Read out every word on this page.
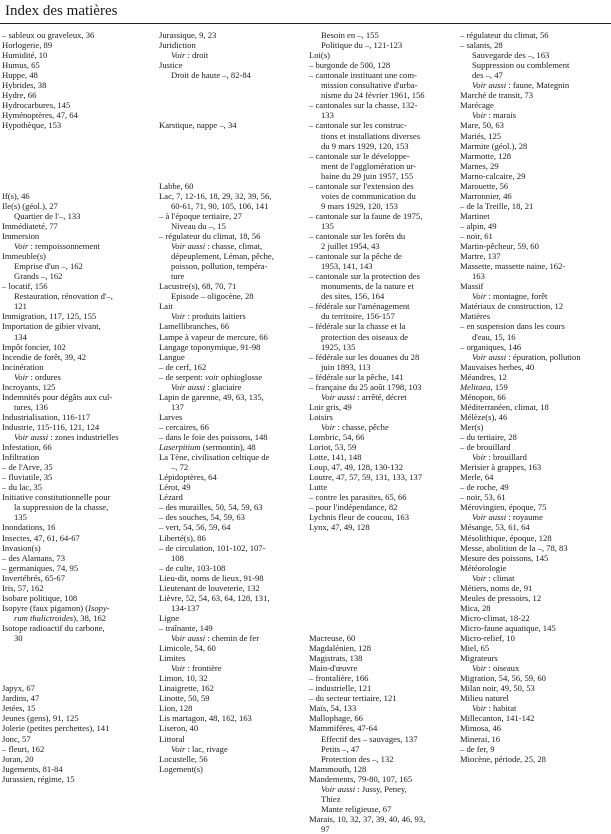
Index des matières
– sableux ou graveleux, 36
Horlogerie, 89
Humidité, 10
Humus, 65
Huppe, 48
Hybrides, 38
Hydre, 66
Hydrocarbures, 145
Hyménoptères, 47, 64
Hypothèque, 153
If(s), 46
Ile(s) (géol.), 27
Quartier de l'–, 133
Immédiateté, 77
Immersion
Voir : rempoissonnement
Immeuble(s)
Emprise d'un –, 162
Grands –, 162
– locatif, 156
Restauration, rénovation d'–,
121
Immigration, 117, 125, 155
Importation de gibier vivant,
134
Impôt foncier, 102
Incendie de forêt, 39, 42
Incinération
Voir : ordures
Incroyants, 125
Indemnités pour dégâts aux cul-
tures, 136
Industrialisation, 116-117
Industrie, 115-116, 121, 124
Voir aussi : zones industrielles
Infestation, 66
Infiltration
– de l'Arve, 35
– fluviatile, 35
– du lac, 35
Initiative constitutionnelle pour
la suppression de la chasse,
135
Inondations, 16
Insectes, 47, 61, 64-67
Invasion(s)
– des Alamans, 73
– germaniques, 74, 95
Invertébrés, 65-67
Iris, 57, 162
Isobare politique, 108
Isopyre (faux pigamon) (Isopy-
rum thalictroides), 38, 162
Isotope radioactif du carbone,
30
Japyx, 67
Jardins, 47
Jetées, 15
Jeunes (gens), 91, 125
Jolerie (petites perchettes), 141
Jonc, 57
– fleuri, 162
Joran, 20
Jugements, 81-84
Jurassien, régime, 15
Jurassique, 9, 23
Juridiction
Voir : droit
Justice
Droit de haute –, 82-84
Karstique, nappe –, 34
Labbe, 60
Lac, 7, 12-16, 18, 29, 32, 39, 56,
60-61, 71, 90, 105, 106, 141
– à l'époque tertiaire, 27
Niveau du –, 15
– régulateur du climat, 18, 56
Voir aussi : chasse, climat,
dépeuplement, Léman, pêche,
poisson, pollution, tempéra-
ture
Lacustre(s), 68, 70, 71
Episode – oligocène, 28
Lait
Voir : produits laitiers
Lamellibranches, 66
Lampe à vapeur de mercure, 66
Langage toponymique, 91-98
Langue
– de cerf, 162
– de serpent: voir ophioglosse
Voir aussi : glaciaire
Lapin de garenne, 49, 63, 135,
137
Larves
– cercaires, 66
– dans le foie des poissons, 148
Laserpitium (sermontin), 48
La Tène, civilisation celtique de
–, 72
Lépidoptères, 64
Lérot, 49
Lézard
– des murailles, 50, 54, 59, 63
– des souches, 54, 59, 63
– vert, 54, 56, 59, 64
Liberté(s), 86
– de circulation, 101-102, 107-
108
– de culte, 103-108
Lieu-dit, noms de lieux, 91-98
Lieutenant de louveterie, 132
Lièvre, 52, 54, 63, 64, 128, 131,
134-137
Ligne
– traînante, 149
Voir aussi : chemin de fer
Limicole, 54, 60
Limites
Voir : frontière
Limon, 10, 32
Linaigrette, 162
Linotte, 50, 59
Lion, 128
Lis martagon, 48, 162, 163
Liseron, 40
Littoral
Voir : lac, rivage
Locustelle, 56
Logement(s)
Besoin en –, 155
Politique du –, 121-123
Loi(s)
– burgonde de 500, 128
– cantonale instituant une com-
mission consultative d'urba-
nisme du 24 février 1961, 156
– cantonales sur la chasse, 132-
133
– cantonale sur les construc-
tions et installations diverses
du 9 mars 1929, 120, 153
– cantonale sur le développe-
ment de l'agglomération ur-
baine du 29 juin 1957, 155
– cantonale sur l'extension des
voies de communication du
9 mars 1929, 120, 153
– cantonale sur la faune de 1975,
135
– cantonale sur les forêts du
2 juillet 1954, 43
– cantonale sur la pêche de
1953, 141, 143
– cantonale sur la protection des
monuments, de la nature et
des sites, 156, 164
– fédérale sur l'aménagement
du territoire, 156-157
– fédérale sur la chasse et la
protection des oiseaux de
1925, 135
– fédérale sur les douanes du 28
juin 1893, 113
– fédérale sur la pêche, 141
– française du 25 août 1798, 103
Voir aussi : arrêté, décret
Loir gris, 49
Loisirs
Voir : chasse, pêche
Lombric, 54, 66
Loriot, 53, 59
Lotte, 141, 148
Loup, 47, 49, 128, 130-132
Loutre, 47, 57, 59, 131, 133, 137
Lutte
– contre les parasites, 65, 66
– pour l'indépendance, 82
Lychnis fleur de coucou, 163
Lynx, 47, 49, 128
Macreuse, 60
Magdalénien, 128
Magistrats, 138
Main-d'œuvre
– frontalière, 166
– industrielle, 121
– du secteur tertiaire, 121
Maïs, 54, 133
Mallophage, 66
Mammifères, 47-64
Effectif des – sauvages, 137
Petits –, 47
Protection des –, 132
Mammouth, 128
Mandements, 79-80, 107, 165
Voir aussi : Jussy, Peney,
Thiez
Mante religieuse, 67
Marais, 10, 32, 37, 39, 40, 46, 93,
97
– régulateur du climat, 56
– salants, 28
Sauvegarde des –, 163
Suppression ou comblement
des –, 47
Voir aussi : faune, Mategnin
Marché de transit, 73
Marécage
Voir : marais
Mare, 50, 63
Mariés, 125
Marmite (géol.), 28
Marmotte, 128
Marnes, 29
Marno-calcaire, 29
Marouette, 56
Marronnier, 46
– de la Treille, 18, 21
Martinet
– alpin, 49
– noir, 61
Martin-pêcheur, 59, 60
Martre, 137
Massette, massette naine, 162-
163
Massif
Voir : montagne, forêt
Matériaux de construction, 12
Matières
– en suspension dans les cours
d'eau, 15, 16
– organiques, 146
Voir aussi : épuration, pollution
Mauvaises herbes, 40
Méandres, 12
Melitaea, 159
Ménopon, 66
Méditerranéen, climat, 18
Mélèze(s), 46
Mer(s)
– du tertiaire, 28
– de brouillard
Voir : brouillard
Merisier à grappes, 163
Merle, 64
– de roche, 49
– noir, 53, 61
Mérovingien, époque, 75
Voir aussi : royaume
Mésange, 53, 61, 64
Mésolithique, époque, 128
Messe, abolition de la –, 78, 83
Mesure des poissons, 145
Météorologie
Voir : climat
Métiers, noms de, 91
Meules de pressoirs, 12
Mica, 28
Micro-climat, 18-22
Micro-faune aquatique, 145
Micro-relief, 10
Miel, 65
Migrateurs
Voir : oiseaux
Migration, 54, 56, 59, 60
Milan noir, 49, 50, 53
Milieu naturel
Voir : habitat
Millecanton, 141-142
Mimosa, 46
Minerai, 16
– de fer, 9
Miocène, période, 25, 28
